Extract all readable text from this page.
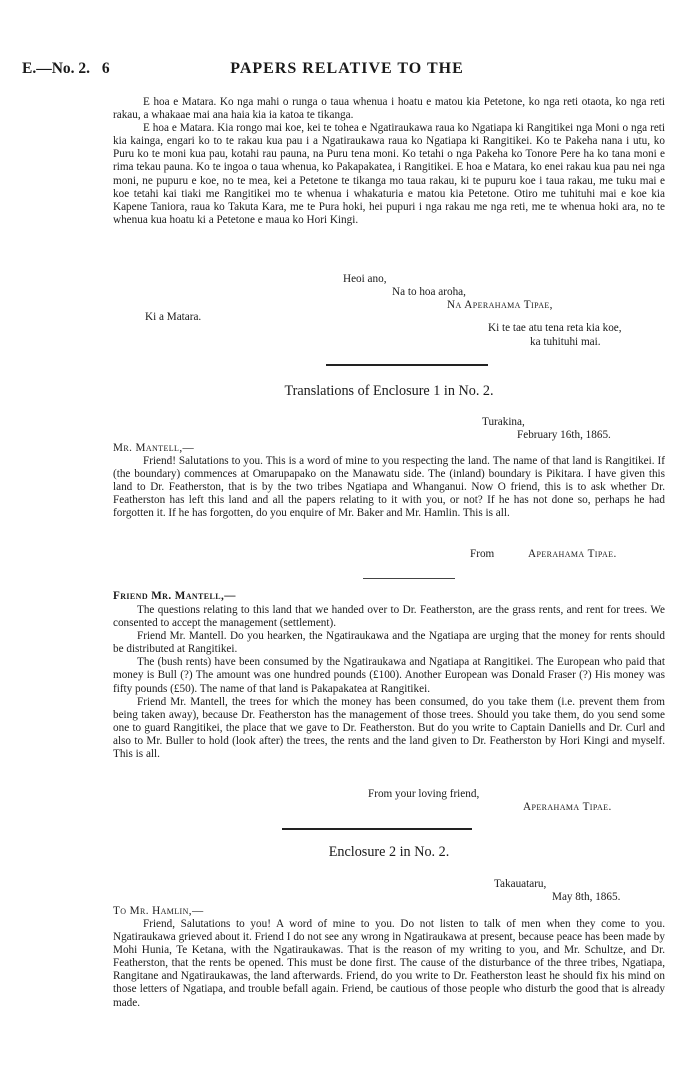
E.—No. 2. 6	PAPERS RELATIVE TO THE

E hoa e Matara. Ko nga mahi o runga o taua whenua i hoatu e matou kia Petetone, ko nga reti otaota, ko nga reti rakau, a whakaae mai ana haia kia ia katoa te tikanga.

E hoa e Matara. Kia rongo mai koe, kei te tohea e Ngatiraukawa raua ko Ngatiapa ki Rangitikei nga Moni o nga reti kia kainga, engari ko to te rakau kua pau i a Ngatiraukawa raua ko Ngatiapa ki Rangitikei. Ko te Pakeha nana i utu, ko Puru ko te moni kua pau, kotahi rau pauna, na Puru tena moni. Ko tetahi o nga Pakeha ko Tonore Pere ha ko tana moni e rima tekau pauna. Ko te ingoa o taua whenua, ko Pakapakatea, i Rangitikei. E hoa e Matara, ko enei rakau kua pau nei nga moni, ne pupuru e koe, no te mea, kei a Petetone te tikanga mo taua rakau, ki te pupuru koe i taua rakau, me tuku mai e koe tetahi kai tiaki me Rangitikei mo te whenua i whakaturia e matou kia Petetone. Otiro me tuhituhi mai e koe kia Kapene Taniora, raua ko Takuta Kara, me te Pura hoki, hei pupuri i nga rakau me nga reti, me te whenua hoki ara, no te whenua kua hoatu ki a Petetone e maua ko Hori Kingi.

Heoi ano,
Na to hoa aroha,
Na Aperahama Tipae,
Ki a Matara.
Ki te tae atu tena reta kia koe,
ka tuhituhi mai.
Translations of Enclosure 1 in No. 2.
Turakina,
February 16th, 1865.
Mr. Mantell,—

Friend! Salutations to you. This is a word of mine to you respecting the land. The name of that land is Rangitikei. If (the boundary) commences at Omarupapako on the Manawatu side. The (inland) boundary is Pikitara. I have given this land to Dr. Featherston, that is by the two tribes Ngatiapa and Whanganui. Now O friend, this is to ask whether Dr. Featherston has left this land and all the papers relating to it with you, or not? If he has not done so, perhaps he had forgotten it. If he has forgotten, do you enquire of Mr. Baker and Mr. Hamlin. This is all.

From	Aperahama Tipae.
Friend Mr. Mantell,—

The questions relating to this land that we handed over to Dr. Featherston, are the grass rents, and rent for trees. We consented to accept the management (settlement).

Friend Mr. Mantell. Do you hearken, the Ngatiraukawa and the Ngatiapa are urging that the money for rents should be distributed at Rangitikei.

The (bush rents) have been consumed by the Ngatiraukawa and Ngatiapa at Rangitikei. The European who paid that money is Bull (?) The amount was one hundred pounds (£100). Another European was Donald Fraser (?) His money was fifty pounds (£50). The name of that land is Pakapakatea at Rangitikei.

Friend Mr. Mantell, the trees for which the money has been consumed, do you take them (i.e. prevent them from being taken away), because Dr. Featherston has the management of those trees. Should you take them, do you send some one to guard Rangitikei, the place that we gave to Dr. Featherston. But do you write to Captain Daniells and Dr. Curl and also to Mr. Buller to hold (look after) the trees, the rents and the land given to Dr. Featherston by Hori Kingi and myself. This is all.

From your loving friend,
Aperahama Tipae.
Enclosure 2 in No. 2.
Takauataru,
May 8th, 1865.
To Mr. Hamlin,—

Friend, Salutations to you! A word of mine to you. Do not listen to talk of men when they come to you. Ngatiraukawa grieved about it. Friend I do not see any wrong in Ngatiraukawa at present, because peace has been made by Mohi Hunia, Te Ketana, with the Ngatiraukawas. That is the reason of my writing to you, and Mr. Schultze, and Dr. Featherston, that the rents be opened. This must be done first. The cause of the disturbance of the three tribes, Ngatiapa, Rangitane and Ngatiraukawas, the land afterwards. Friend, do you write to Dr. Featherston least he should fix his mind on those letters of Ngatiapa, and trouble befall again. Friend, be cautious of those people who disturb the good that is already made.
